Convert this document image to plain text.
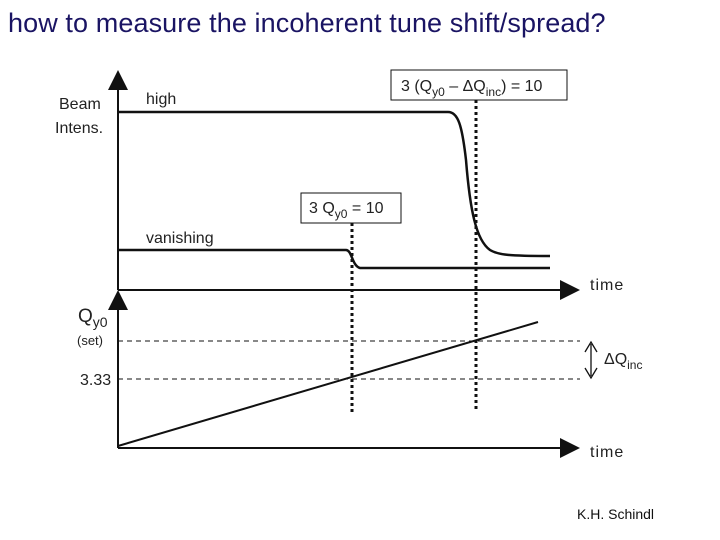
how to measure the incoherent tune shift/spread?
Beam
Intens.
time
high
vanishing
3 $(Q_{y0} - \Delta Q_{inc}) = 10$
3 $Q_{y0} = 10$
$Q_{y0}$
(set)
3.33
time
$\Delta Q_{inc}$
K.H. Schindl
